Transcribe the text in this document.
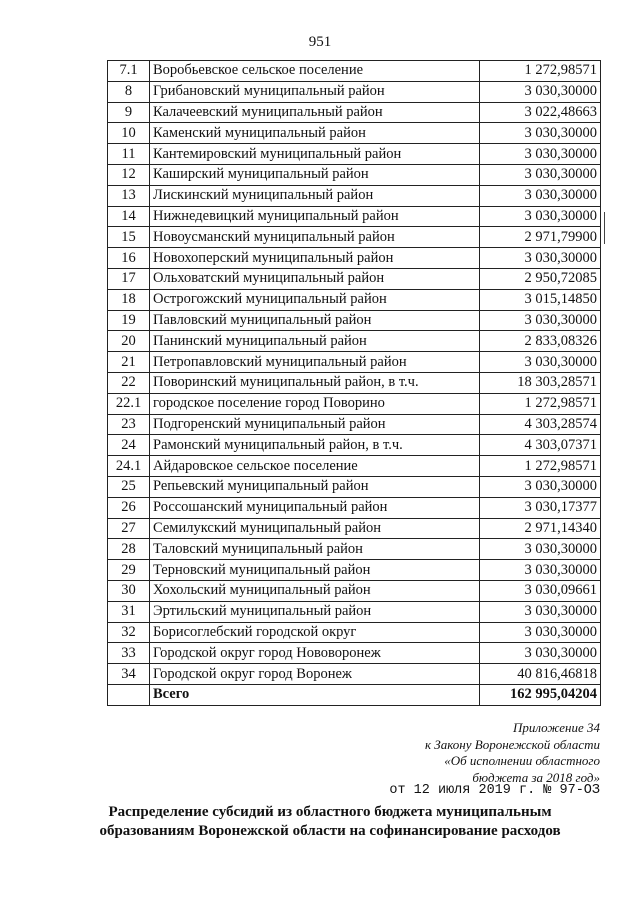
951
7.1	Воробьевское сельское поселение	1 272,98571
8	Грибановский муниципальный район	3 030,30000
9	Калачеевский муниципальный район	3 022,48663
10	Каменский муниципальный район	3 030,30000
11	Кантемировский муниципальный район	3 030,30000
12	Каширский муниципальный район	3 030,30000
13	Лискинский муниципальный район	3 030,30000
14	Нижнедевицкий муниципальный район	3 030,30000
15	Новоусманский муниципальный район	2 971,79900
16	Новохоперский муниципальный район	3 030,30000
17	Ольховатский муниципальный район	2 950,72085
18	Острогожский муниципальный район	3 015,14850
19	Павловский муниципальный район	3 030,30000
20	Панинский муниципальный район	2 833,08326
21	Петропавловский муниципальный район	3 030,30000
22	Поворинский муниципальный район, в т.ч.	18 303,28571
22.1	городское поселение город Поворино	1 272,98571
23	Подгоренский муниципальный район	4 303,28574
24	Рамонский муниципальный район, в т.ч.	4 303,07371
24.1	Айдаровское сельское поселение	1 272,98571
25	Репьевский муниципальный район	3 030,30000
26	Россошанский муниципальный район	3 030,17377
27	Семилукский муниципальный район	2 971,14340
28	Таловский муниципальный район	3 030,30000
29	Терновский муниципальный район	3 030,30000
30	Хохольский муниципальный район	3 030,09661
31	Эртильский муниципальный район	3 030,30000
32	Борисоглебский городской округ	3 030,30000
33	Городской округ город Нововоронеж	3 030,30000
34	Городской округ город Воронеж	40 816,46818
	Всего	162 995,04204
Приложение 34
к Закону Воронежской области
«Об исполнении областного
бюджета за 2018 год»
от 12 июля 2019 г. № 97-ОЗ
Распределение субсидий из областного бюджета муниципальным
образованиям Воронежской области на софинансирование расходов
